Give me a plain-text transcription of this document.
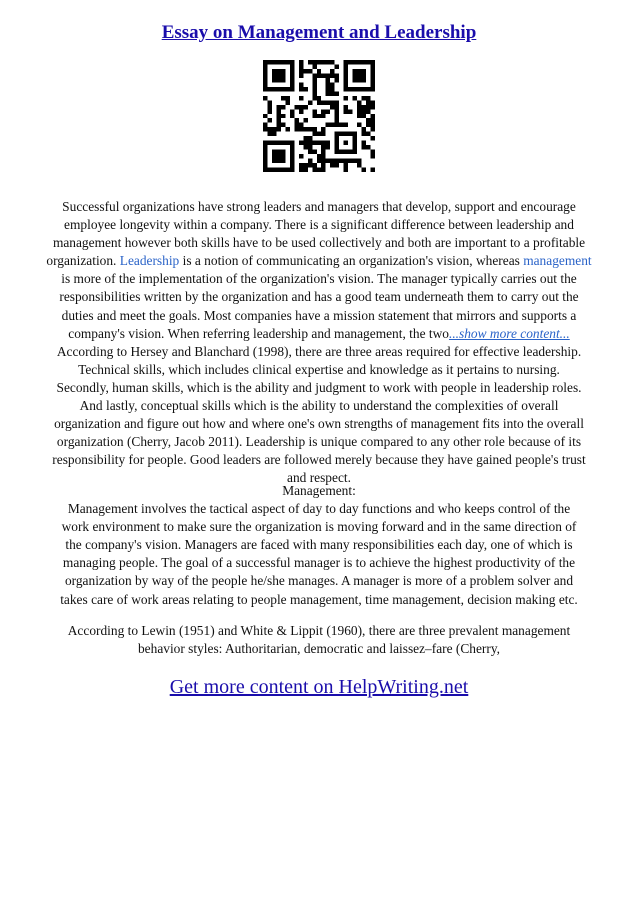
Essay on Management and Leadership
Successful organizations have strong leaders and managers that develop, support and encourage
employee longevity within a company. There is a significant difference between leadership and
management however both skills have to be used collectively and both are important to a profitable
organization. Leadership is a notion of communicating an organization's vision, whereas management
is more of the implementation of the organization's vision. The manager typically carries out the
responsibilities written by the organization and has a good team underneath them to carry out the
duties and meet the goals. Most companies have a mission statement that mirrors and supports a
company's vision. When referring leadership and management, the two...show more content...
According to Hersey and Blanchard (1998), there are three areas required for effective leadership.
Technical skills, which includes clinical expertise and knowledge as it pertains to nursing.
Secondly, human skills, which is the ability and judgment to work with people in leadership roles.
And lastly, conceptual skills which is the ability to understand the complexities of overall
organization and figure out how and where one's own strengths of management fits into the overall
organization (Cherry, Jacob 2011). Leadership is unique compared to any other role because of its
responsibility for people. Good leaders are followed merely because they have gained people's trust
and respect.
Management:
Management involves the tactical aspect of day to day functions and who keeps control of the
work environment to make sure the organization is moving forward and in the same direction of
the company's vision. Managers are faced with many responsibilities each day, one of which is
managing people. The goal of a successful manager is to achieve the highest productivity of the
organization by way of the people he/she manages. A manager is more of a problem solver and
takes care of work areas relating to people management, time management, decision making etc.
According to Lewin (1951) and White & Lippit (1960), there are three prevalent management
behavior styles: Authoritarian, democratic and laissez–fare (Cherry,
Get more content on HelpWriting.net
